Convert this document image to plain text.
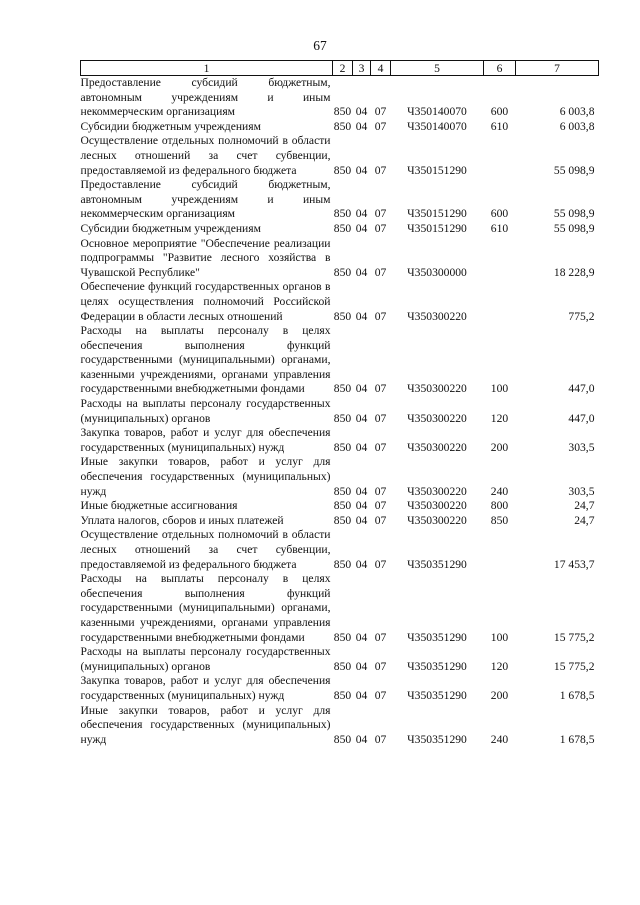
67
1	2	3	4	5	6	7
Предоставление субсидий бюджетным, автономным учреждениям и иным некоммерческим организациям	850	04	07	Ч350140070	600	6 003,8
Субсидии бюджетным учреждениям	850	04	07	Ч350140070	610	6 003,8
Осуществление отдельных полномочий в области лесных отношений за счет субвенции, предоставляемой из федерального бюджета	850	04	07	Ч350151290		55 098,9
Предоставление субсидий бюджетным, автономным учреждениям и иным некоммерческим организациям	850	04	07	Ч350151290	600	55 098,9
Субсидии бюджетным учреждениям	850	04	07	Ч350151290	610	55 098,9
Основное мероприятие "Обеспечение реализации подпрограммы "Развитие лесного хозяйства в Чувашской Республике"	850	04	07	Ч350300000		18 228,9
Обеспечение функций государственных органов в целях осуществления полномочий Российской Федерации в области лесных отношений	850	04	07	Ч350300220		775,2
Расходы на выплаты персоналу в целях обеспечения выполнения функций государственными (муниципальными) органами, казенными учреждениями, органами управления государственными внебюджетными фондами	850	04	07	Ч350300220	100	447,0
Расходы на выплаты персоналу государственных (муниципальных) органов	850	04	07	Ч350300220	120	447,0
Закупка товаров, работ и услуг для обеспечения государственных (муниципальных) нужд	850	04	07	Ч350300220	200	303,5
Иные закупки товаров, работ и услуг для обеспечения государственных (муниципальных) нужд	850	04	07	Ч350300220	240	303,5
Иные бюджетные ассигнования	850	04	07	Ч350300220	800	24,7
Уплата налогов, сборов и иных платежей	850	04	07	Ч350300220	850	24,7
Осуществление отдельных полномочий в области лесных отношений за счет субвенции, предоставляемой из федерального бюджета	850	04	07	Ч350351290		17 453,7
Расходы на выплаты персоналу в целях обеспечения выполнения функций государственными (муниципальными) органами, казенными учреждениями, органами управления государственными внебюджетными фондами	850	04	07	Ч350351290	100	15 775,2
Расходы на выплаты персоналу государственных (муниципальных) органов	850	04	07	Ч350351290	120	15 775,2
Закупка товаров, работ и услуг для обеспечения государственных (муниципальных) нужд	850	04	07	Ч350351290	200	1 678,5
Иные закупки товаров, работ и услуг для обеспечения государственных (муниципальных) нужд	850	04	07	Ч350351290	240	1 678,5
